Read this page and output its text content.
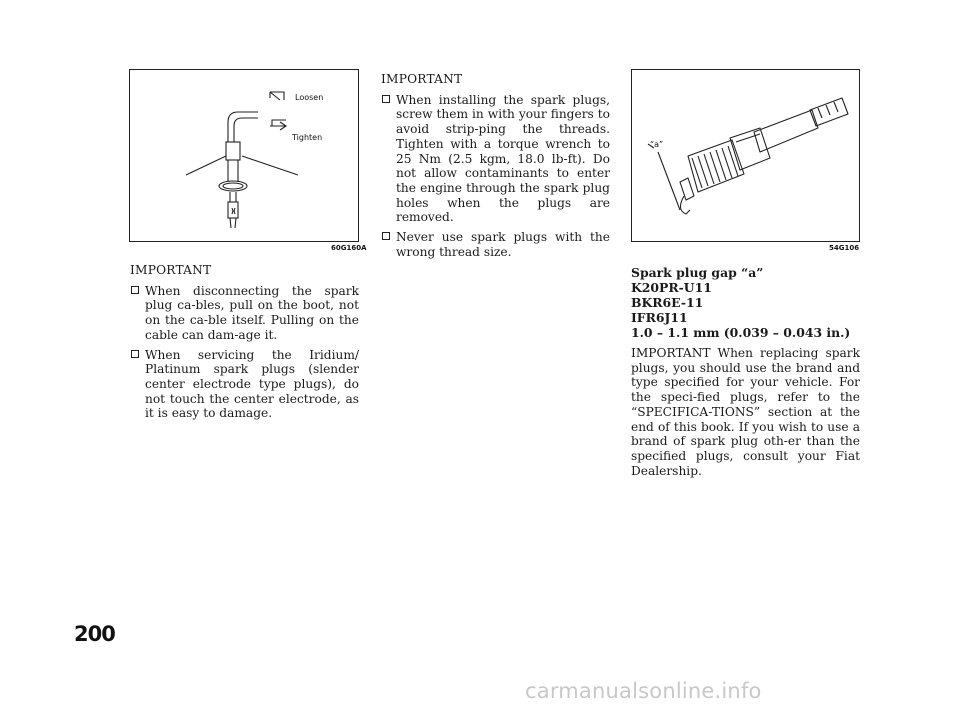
Loosen
Tighten
60G160A
“a”
54G106

IMPORTANT

When disconnecting the spark plug ca-bles, pull on the boot, not on the ca-ble itself. Pulling on the cable can dam-age it.
When servicing the Iridium/ Platinum spark plugs (slender center electrode type plugs), do not touch the center electrode, as it is easy to damage.

IMPORTANT

When installing the spark plugs, screw them in with your fingers to avoid strip-ping the threads. Tighten with a torque wrench to 25 Nm (2.5 kgm, 18.0 lb-ft). Do not allow contaminants to enter the engine through the spark plug holes when the plugs are removed.
Never use spark plugs with the wrong thread size.

Spark plug gap “a”

K20PR-U11

BKR6E-11

IFR6J11

1.0 – 1.1 mm (0.039 – 0.043 in.)

IMPORTANT When replacing spark plugs, you should use the brand and type specified for your vehicle. For the speci-fied plugs, refer to the “SPECIFICA-TIONS” section at the end of this book. If you wish to use a brand of spark plug oth-er than the specified plugs, consult your Fiat Dealership.

200
carmanualsonline.info
